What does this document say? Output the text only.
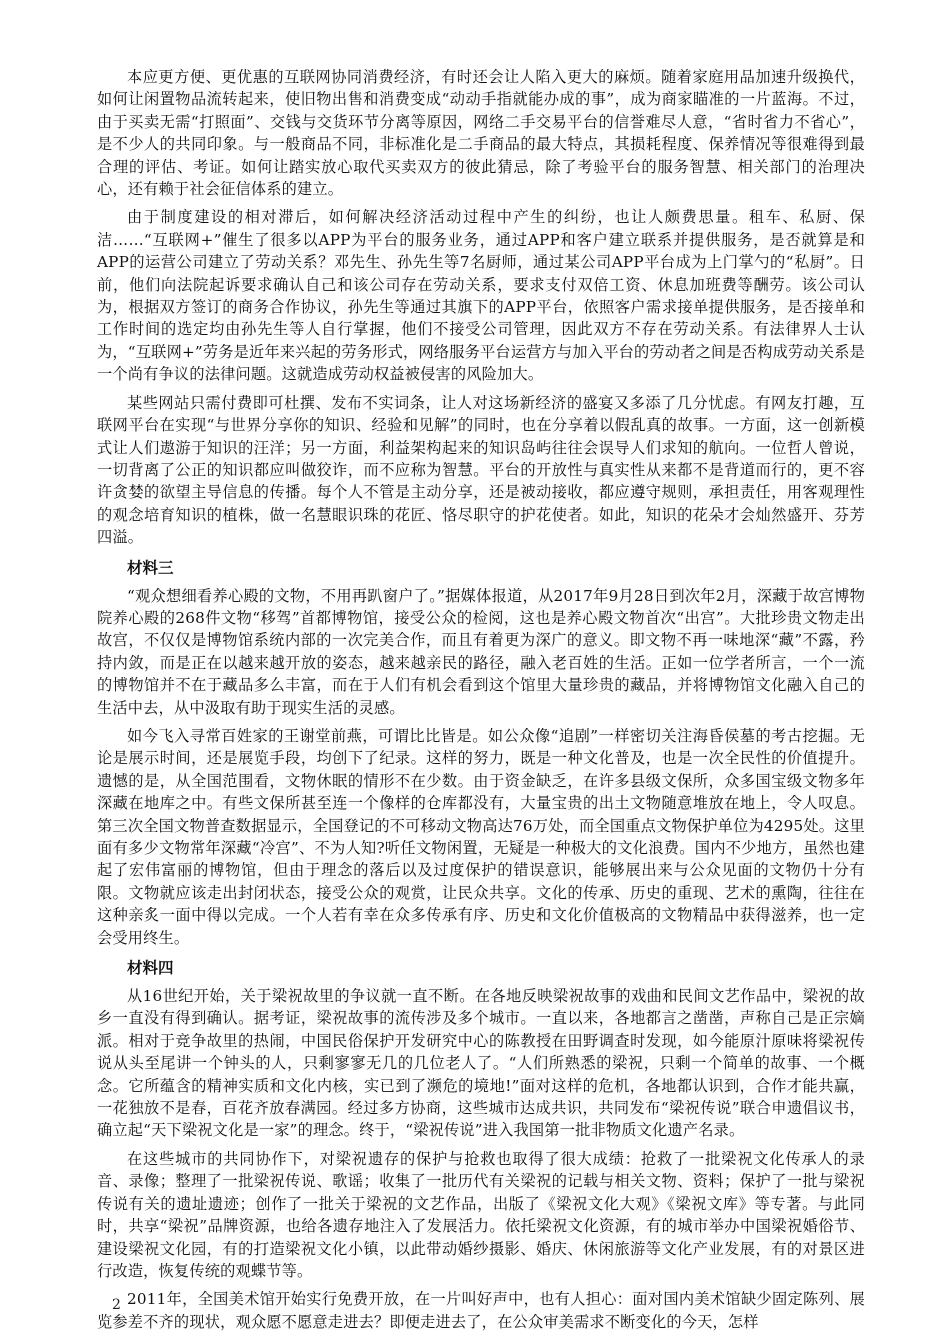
本应更方便、更优惠的互联网协同消费经济，有时还会让人陷入更大的麻烦。随着家庭用品加速升级换代，如何让闲置物品流转起来，使旧物出售和消费变成“动动手指就能办成的事”，成为商家瞄准的一片蓝海。不过，由于买卖无需“打照面”、交钱与交货环节分离等原因，网络二手交易平台的信誉难尽人意，“省时省力不省心”，是不少人的共同印象。与一般商品不同，非标准化是二手商品的最大特点，其损耗程度、保养情况等很难得到最合理的评估、考证。如何让踏实放心取代买卖双方的彼此猜忌，除了考验平台的服务智慧、相关部门的治理决心，还有赖于社会征信体系的建立。

由于制度建设的相对滞后，如何解决经济活动过程中产生的纠纷，也让人颇费思量。租车、私厨、保洁……“互联网+”催生了很多以APP为平台的服务业务，通过APP和客户建立联系并提供服务，是否就算是和APP的运营公司建立了劳动关系？邓先生、孙先生等7名厨师，通过某公司APP平台成为上门掌勺的“私厨”。日前，他们向法院起诉要求确认自己和该公司存在劳动关系，要求支付双倍工资、休息加班费等酬劳。该公司认为，根据双方签订的商务合作协议，孙先生等通过其旗下的APP平台，依照客户需求接单提供服务，是否接单和工作时间的选定均由孙先生等人自行掌握，他们不接受公司管理，因此双方不存在劳动关系。有法律界人士认为，“互联网+”劳务是近年来兴起的劳务形式，网络服务平台运营方与加入平台的劳动者之间是否构成劳动关系是一个尚有争议的法律问题。这就造成劳动权益被侵害的风险加大。

某些网站只需付费即可杜撰、发布不实词条，让人对这场新经济的盛宴又多添了几分忧虑。有网友打趣，互联网平台在实现“与世界分享你的知识、经验和见解”的同时，也在分享着以假乱真的故事。一方面，这一创新模式让人们遨游于知识的汪洋；另一方面，利益架构起来的知识岛屿往往会误导人们求知的航向。一位哲人曾说，一切背离了公正的知识都应叫做狡诈，而不应称为智慧。平台的开放性与真实性从来都不是背道而行的，更不容许贪婪的欲望主导信息的传播。每个人不管是主动分享，还是被动接收，都应遵守规则，承担责任，用客观理性的观念培育知识的植株，做一名慧眼识珠的花匠、恪尽职守的护花使者。如此，知识的花朵才会灿然盛开、芬芳四溢。

材料三

“观众想细看养心殿的文物，不用再趴窗户了。”据媒体报道，从2017年9月28日到次年2月，深藏于故宫博物院养心殿的268件文物“移驾”首都博物馆，接受公众的检阅，这也是养心殿文物首次“出宫”。大批珍贵文物走出故宫，不仅仅是博物馆系统内部的一次完美合作，而且有着更为深广的意义。即文物不再一味地深“藏”不露，矜持内敛，而是正在以越来越开放的姿态，越来越亲民的路径，融入老百姓的生活。正如一位学者所言，一个一流的博物馆并不在于藏品多么丰富，而在于人们有机会看到这个馆里大量珍贵的藏品，并将博物馆文化融入自己的生活中去，从中汲取有助于现实生活的灵感。

如今飞入寻常百姓家的王谢堂前燕，可谓比比皆是。如公众像“追剧”一样密切关注海昏侯墓的考古挖掘。无论是展示时间，还是展览手段，均创下了纪录。这样的努力，既是一种文化普及，也是一次全民性的价值提升。遗憾的是，从全国范围看，文物休眠的情形不在少数。由于资金缺乏，在许多县级文保所，众多国宝级文物多年深藏在地库之中。有些文保所甚至连一个像样的仓库都没有，大量宝贵的出土文物随意堆放在地上，令人叹息。第三次全国文物普查数据显示，全国登记的不可移动文物高达76万处，而全国重点文物保护单位为4295处。这里面有多少文物常年深藏“冷宫”、不为人知?听任文物闲置，无疑是一种极大的文化浪费。国内不少地方，虽然也建起了宏伟富丽的博物馆，但由于理念的落后以及过度保护的错误意识，能够展出来与公众见面的文物仍十分有限。文物就应该走出封闭状态，接受公众的观赏，让民众共享。文化的传承、历史的重现、艺术的熏陶，往往在这种亲炙一面中得以完成。一个人若有幸在众多传承有序、历史和文化价值极高的文物精品中获得滋养，也一定会受用终生。

材料四

从16世纪开始，关于梁祝故里的争议就一直不断。在各地反映梁祝故事的戏曲和民间文艺作品中，梁祝的故乡一直没有得到确认。据考证，梁祝故事的流传涉及多个城市。一直以来，各地都言之凿凿，声称自己是正宗嫡派。相对于竞争故里的热闹，中国民俗保护开发研究中心的陈教授在田野调查时发现，如今能原汁原味将梁祝传说从头至尾讲一个钟头的人，只剩寥寥无几的几位老人了。“人们所熟悉的梁祝，只剩一个简单的故事、一个概念。它所蕴含的精神实质和文化内核，实已到了濒危的境地!”面对这样的危机，各地都认识到，合作才能共赢，一花独放不是春，百花齐放春满园。经过多方协商，这些城市达成共识，共同发布“梁祝传说”联合申遗倡议书，确立起“天下梁祝文化是一家”的理念。终于，“梁祝传说”进入我国第一批非物质文化遗产名录。

在这些城市的共同协作下，对梁祝遗存的保护与抢救也取得了很大成绩：抢救了一批梁祝文化传承人的录音、录像；整理了一批梁祝传说、歌谣；收集了一批历代有关梁祝的记载与相关文物、资料；保护了一批与梁祝传说有关的遗址遗迹；创作了一批关于梁祝的文艺作品，出版了《梁祝文化大观》《梁祝文库》等专著。与此同时，共享“梁祝”品牌资源，也给各遗存地注入了发展活力。依托梁祝文化资源，有的城市举办中国梁祝婚俗节、建设梁祝文化园，有的打造梁祝文化小镇，以此带动婚纱摄影、婚庆、休闲旅游等文化产业发展，有的对景区进行改造，恢复传统的观蝶节等。

2011年，全国美术馆开始实行免费开放，在一片叫好声中，也有人担心：面对国内美术馆缺少固定陈列、展览参差不齐的现状，观众愿不愿意走进去？即便走进去了，在公众审美需求不断变化的今天，怎样

2
